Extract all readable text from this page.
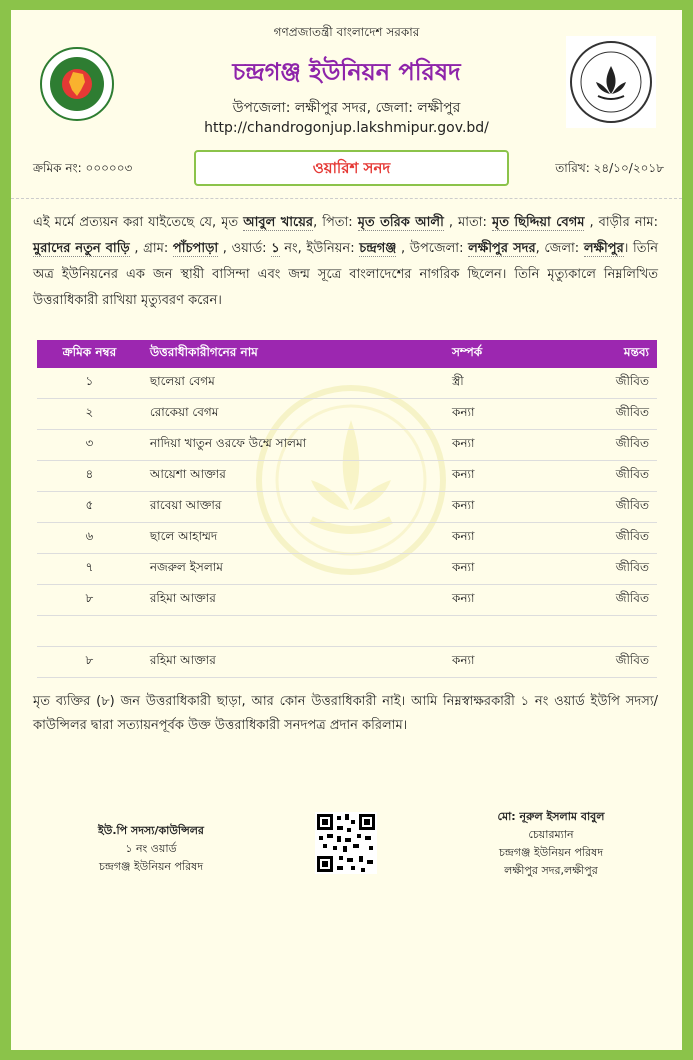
গণপ্রজাতন্ত্রী বাংলাদেশ সরকার
চন্দ্রগঞ্জ ইউনিয়ন পরিষদ
উপজেলা: লক্ষীপুর সদর, জেলা: লক্ষীপুর
http://chandrogonjup.lakshmipur.gov.bd/
ক্রমিক নং: ০০০০০৩	ওয়ারিশ সনদ	তারিখ: ২৪/১০/২০১৮
এই মর্মে প্রত্যয়ন করা যাইতেছে যে, মৃত আবুল খায়ের, পিতা: মৃত তরিক আলী , মাতা: মৃত ছিদ্দিয়া বেগম , বাড়ীর নাম: মুরাদের নতুন বাড়ি , গ্রাম: পাঁচপাড়া , ওয়ার্ড: ১ নং, ইউনিয়ন: চন্দ্রগঞ্জ , উপজেলা: লক্ষীপুর সদর, জেলা: লক্ষীপুর। তিনি অত্র ইউনিয়নের এক জন স্থায়ী বাসিন্দা এবং জন্ম সূত্রে বাংলাদেশের নাগরিক ছিলেন। তিনি মৃত্যুকালে নিম্নলিখিত উত্তরাধিকারী রাখিয়া মৃত্যুবরণ করেন।
ক্রমিক নম্বর	উত্তরাধীকারীগনের নাম	সম্পর্ক	মন্তব্য
১	ছালেয়া বেগম	স্ত্রী	জীবিত
২	রোকেয়া বেগম	কন্যা	জীবিত
৩	নাদিয়া খাতুন ওরফে উম্মে সালমা	কন্যা	জীবিত
৪	আয়েশা আক্তার	কন্যা	জীবিত
৫	রাবেয়া আক্তার	কন্যা	জীবিত
৬	ছালে আহাম্মদ	কন্যা	জীবিত
৭	নজরুল ইসলাম	কন্যা	জীবিত
৮	রহিমা আক্তার	কন্যা	জীবিত

৮	রহিমা আক্তার	কন্যা	জীবিত
মৃত ব্যক্তির (৮) জন উত্তরাধিকারী ছাড়া, আর কোন উত্তরাধিকারী নাই। আমি নিম্নস্বাক্ষরকারী ১ নং ওয়ার্ড ইউপি সদস্য/কাউন্সিলর দ্বারা সত্যায়নপূর্বক উক্ত উত্তরাধিকারী সনদপত্র প্রদান করিলাম।
ইউ.পি সদস্য/কাউন্সিলর
১ নং ওয়ার্ড
চন্দ্রগঞ্জ ইউনিয়ন পরিষদ
মো: নূরুল ইসলাম বাবুল
চেয়ারম্যান
চন্দ্রগঞ্জ ইউনিয়ন পরিষদ
লক্ষীপুর সদর,লক্ষীপুর
